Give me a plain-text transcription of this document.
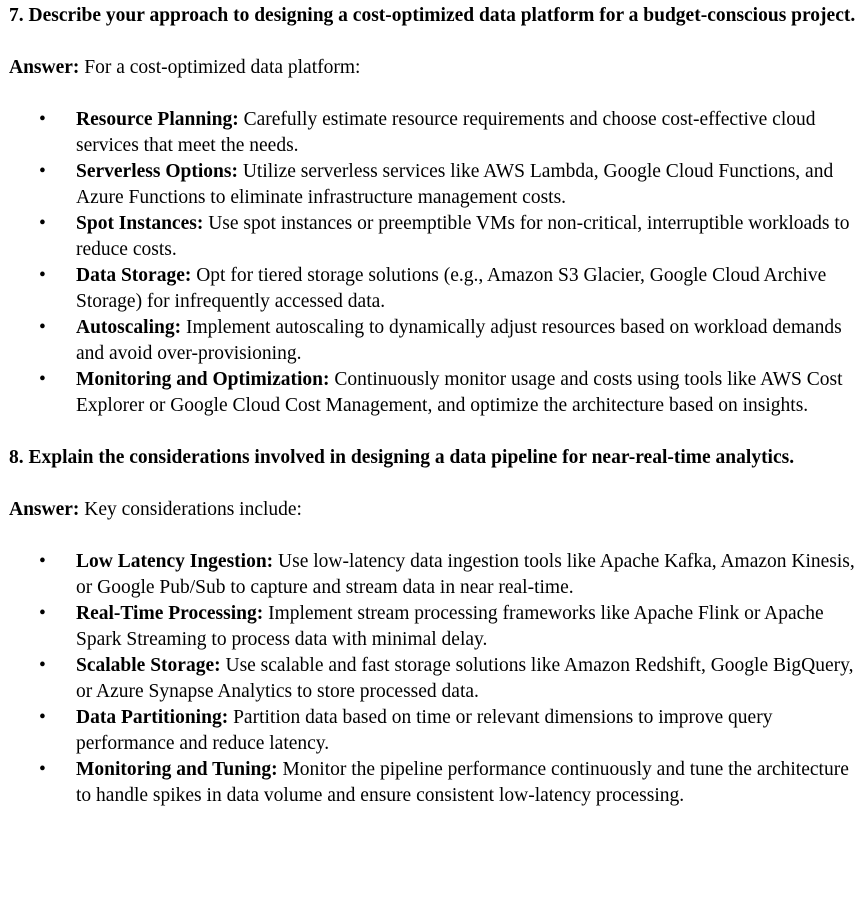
7. Describe your approach to designing a cost-optimized data platform for a budget-conscious project.

Answer: For a cost-optimized data platform:

• Resource Planning: Carefully estimate resource requirements and choose cost-effective cloud services that meet the needs.
• Serverless Options: Utilize serverless services like AWS Lambda, Google Cloud Functions, and Azure Functions to eliminate infrastructure management costs.
• Spot Instances: Use spot instances or preemptible VMs for non-critical, interruptible workloads to reduce costs.
• Data Storage: Opt for tiered storage solutions (e.g., Amazon S3 Glacier, Google Cloud Archive Storage) for infrequently accessed data.
• Autoscaling: Implement autoscaling to dynamically adjust resources based on workload demands and avoid over-provisioning.
• Monitoring and Optimization: Continuously monitor usage and costs using tools like AWS Cost Explorer or Google Cloud Cost Management, and optimize the architecture based on insights.

8. Explain the considerations involved in designing a data pipeline for near-real-time analytics.

Answer: Key considerations include:

• Low Latency Ingestion: Use low-latency data ingestion tools like Apache Kafka, Amazon Kinesis, or Google Pub/Sub to capture and stream data in near real-time.
• Real-Time Processing: Implement stream processing frameworks like Apache Flink or Apache Spark Streaming to process data with minimal delay.
• Scalable Storage: Use scalable and fast storage solutions like Amazon Redshift, Google BigQuery, or Azure Synapse Analytics to store processed data.
• Data Partitioning: Partition data based on time or relevant dimensions to improve query performance and reduce latency.
• Monitoring and Tuning: Monitor the pipeline performance continuously and tune the architecture to handle spikes in data volume and ensure consistent low-latency processing.
